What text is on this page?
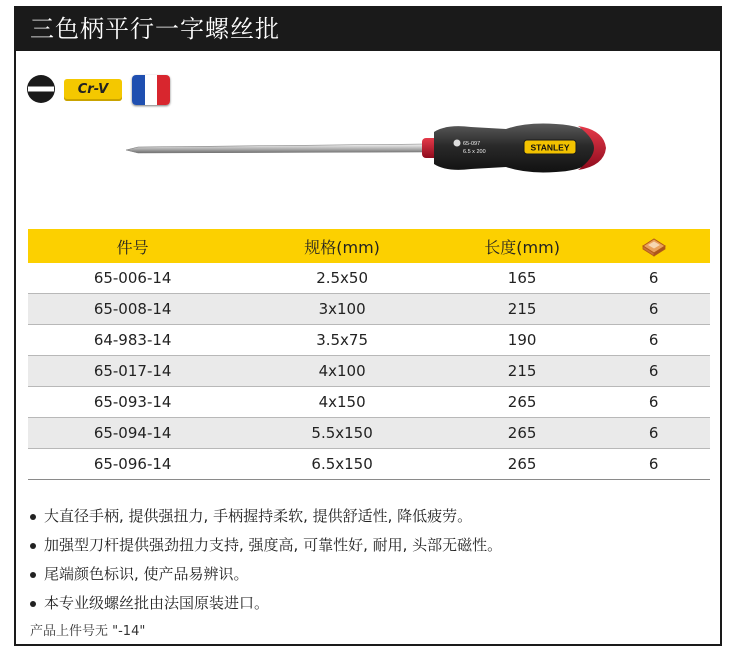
三色柄平行一字螺丝批
Cr-V
STANLEY
65-097
6.5 x 200
件号	规格(mm)	长度(mm)	
65-006-14	2.5x50	165	6
65-008-14	3x100	215	6
64-983-14	3.5x75	190	6
65-017-14	4x100	215	6
65-093-14	4x150	265	6
65-094-14	5.5x150	265	6
65-096-14	6.5x150	265	6
大直径手柄, 提供强扭力, 手柄握持柔软, 提供舒适性, 降低疲劳。
加强型刀杆提供强劲扭力支持, 强度高, 可靠性好, 耐用, 头部无磁性。
尾端颜色标识, 使产品易辨识。
本专业级螺丝批由法国原装进口。
产品上件号无 "-14"
